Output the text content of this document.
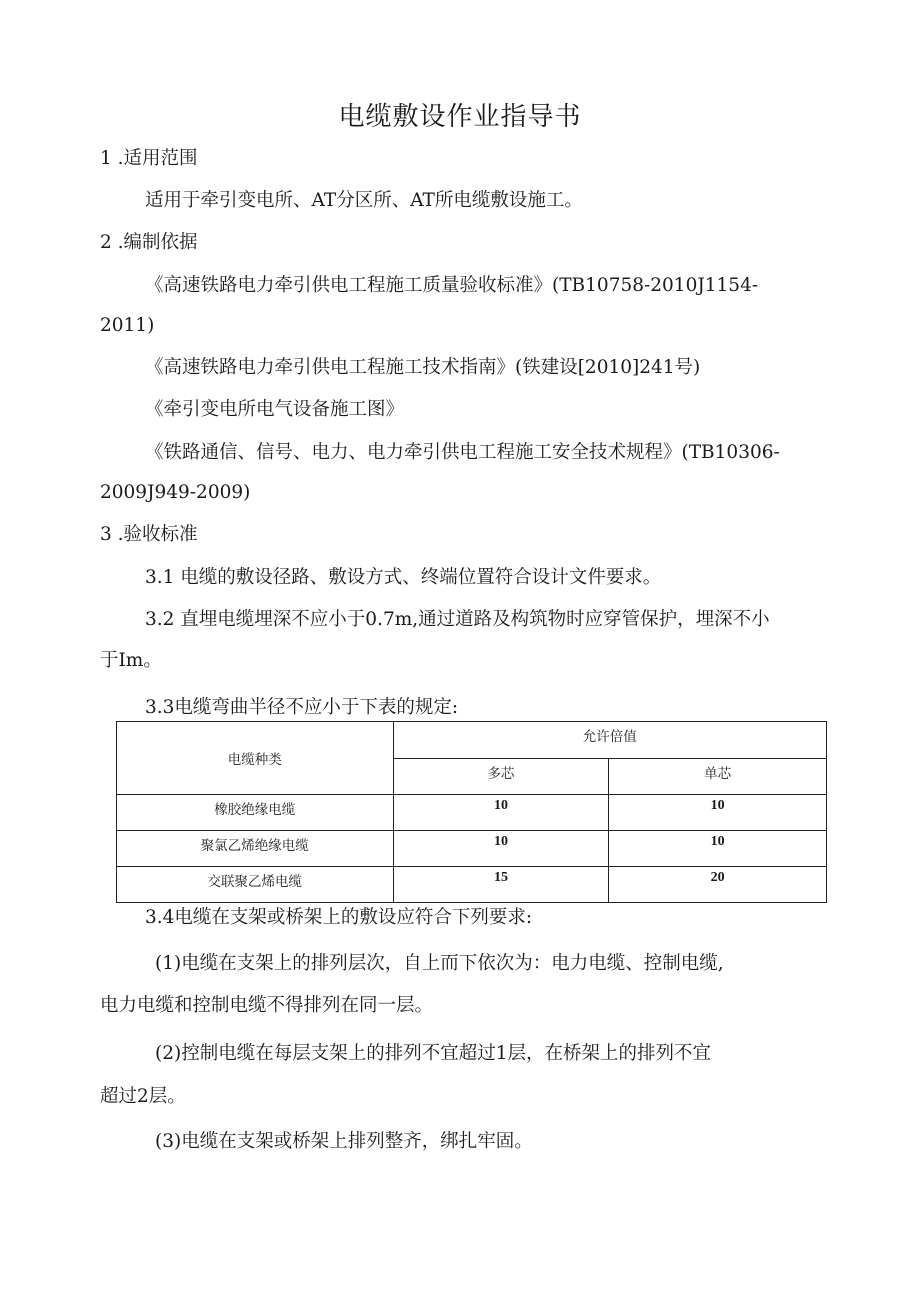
电缆敷设作业指导书
1 .适用范围
适用于牵引变电所、AT分区所、AT所电缆敷设施工。
2 .编制依据
《高速铁路电力牵引供电工程施工质量验收标准》(TB10758-2010J1154-
2011)
《高速铁路电力牵引供电工程施工技术指南》(铁建设[2010]241号)
《牵引变电所电气设备施工图》
《铁路通信、信号、电力、电力牵引供电工程施工安全技术规程》(TB10306-
2009J949-2009)
3 .验收标准
3.1 电缆的敷设径路、敷设方式、终端位置符合设计文件要求。
3.2 直埋电缆埋深不应小于0.7m,通过道路及构筑物时应穿管保护，埋深不小
于Im。
3.3电缆弯曲半径不应小于下表的规定:
电缆种类	允许倍值	
	多芯	单芯
橡胶绝缘电缆	10	10
聚氯乙烯绝缘电缆	10	10
交联聚乙烯电缆	15	20
3.4电缆在支架或桥架上的敷设应符合下列要求:
(1)电缆在支架上的排列层次，自上而下依次为：电力电缆、控制电缆,
电力电缆和控制电缆不得排列在同一层。
(2)控制电缆在每层支架上的排列不宜超过1层，在桥架上的排列不宜
超过2层。
(3)电缆在支架或桥架上排列整齐，绑扎牢固。
